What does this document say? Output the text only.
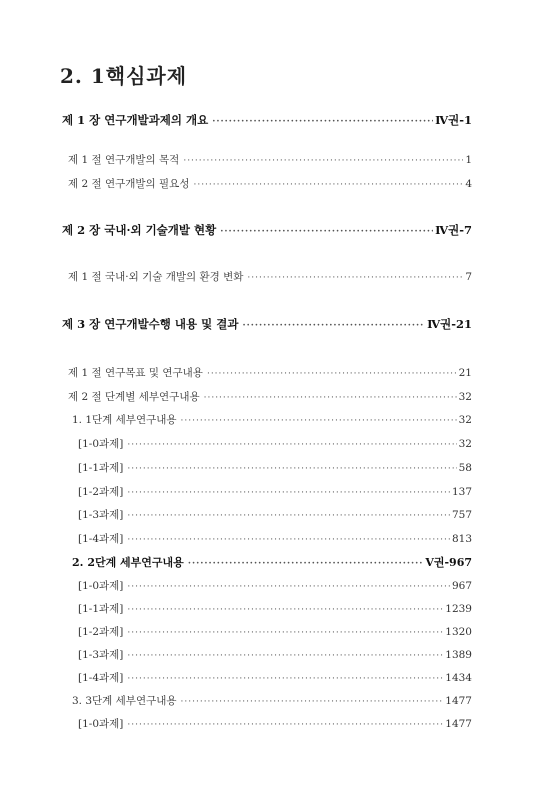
2. 1핵심과제
제 1 장 연구개발과제의 개요 ·····	Ⅳ권-1
제 1 절 연구개발의 목적 ·····	1
제 2 절 연구개발의 필요성 ·····	4
제 2 장 국내·외 기술개발 현황 ·····	Ⅳ권-7
제 1 절 국내·외 기술 개발의 환경 변화 ·····	7
제 3 장 연구개발수행 내용 및 결과 ·····	Ⅳ권-21
제 1 절 연구목표 및 연구내용 ·····	21
제 2 절 단계별 세부연구내용 ·····	32
1. 1단계 세부연구내용 ·····	32
[1-0과제] ·····	32
[1-1과제] ·····	58
[1-2과제] ·····	137
[1-3과제] ·····	757
[1-4과제] ·····	813
2. 2단계 세부연구내용 ·····	Ⅴ권-967
[1-0과제] ·····	967
[1-1과제] ·····	1239
[1-2과제] ·····	1320
[1-3과제] ·····	1389
[1-4과제] ·····	1434
3. 3단계 세부연구내용 ·····	1477
[1-0과제] ·····	1477
